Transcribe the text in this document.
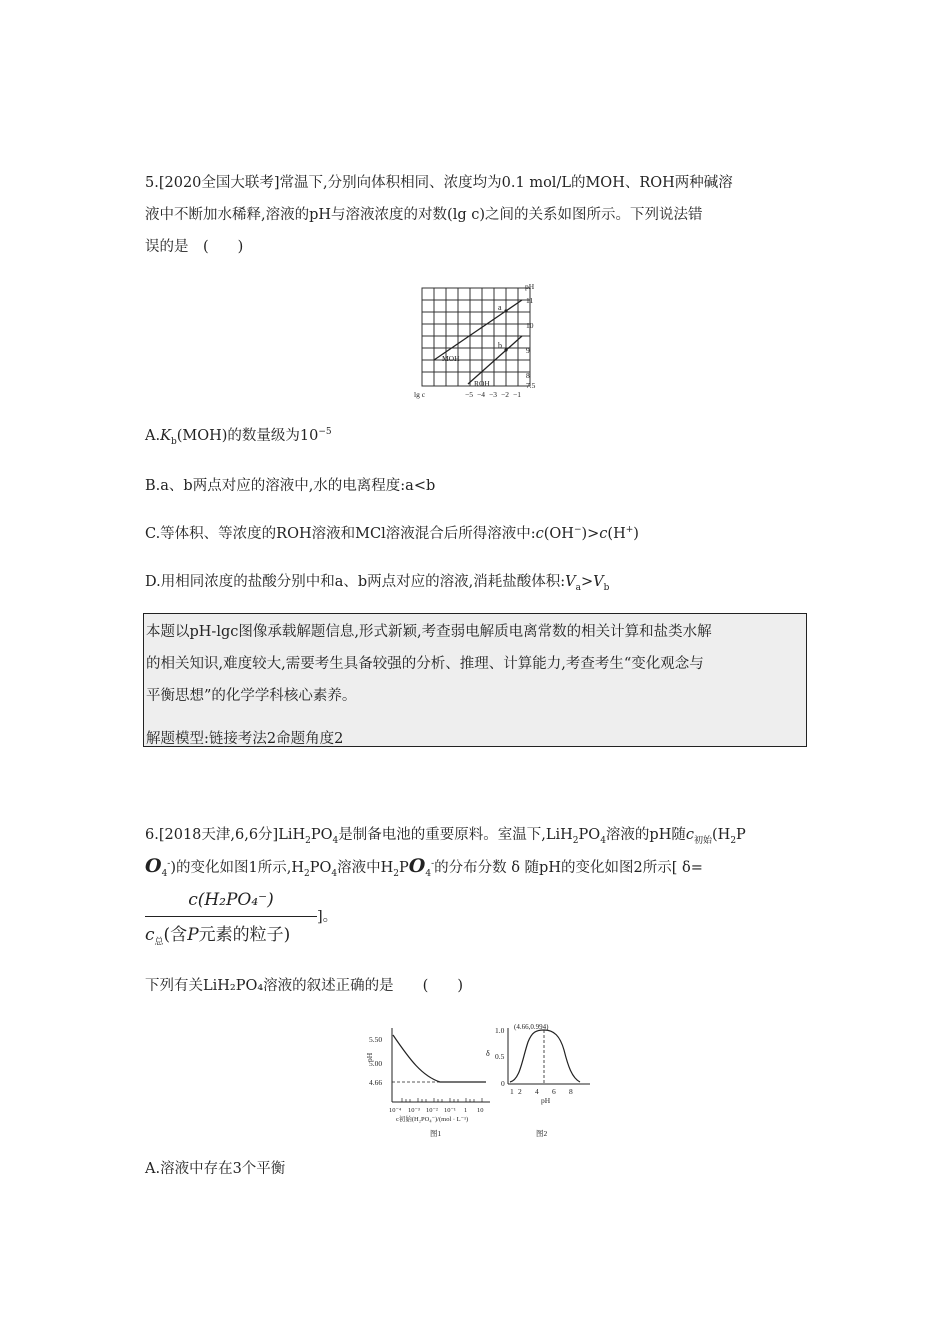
5.[2020全国大联考]常温下,分别向体积相同、浓度均为0.1 mol/L的MOH、ROH两种碱溶
液中不断加水稀释,溶液的pH与溶液浓度的对数(lg c)之间的关系如图所示。下列说法错
误的是　(　　)
a
b
MOH
ROH
pH
11
10
9
8
7.5
lg c	−5 −4 −3 −2 −1
$A.K_b(MOH)$的数量级为$10^{-5}$
B.a、b两点对应的溶液中,水的电离程度:a<b
C.等体积、等浓度的ROH溶液和MCl溶液混合后所得溶液中:c(OH−)>c(H+)
D.用相同浓度的盐酸分别中和a、b两点对应的溶液,消耗盐酸体积$:V_a>V_b$
本题以pH-lgc图像承载解题信息,形式新颖,考查弱电解质电离常数的相关计算和盐类水解
的相关知识,难度较大,需要考生具备较强的分析、推理、计算能力,考查考生“变化观念与
平衡思想”的化学学科核心素养。
解题模型:链接考法2命题角度2
6.[2018天津,6,6分]$LiH_2PO_4$是制备电池的重要原料。室温下$,LiH_2PO_4$溶液的pH随$c_{初始}(H_2P$
$O_4^-$)的变化如图1所示$,H_2PO_4$溶液中$H_2PO_4^-$的分布分数 δ 随pH的变化如图2所示[ δ=
c(H₂PO₄⁻)
$c_总$(含P元素的粒子)
]。
下列有关LiH₂PO₄溶液的叙述正确的是　　(　　)
pH
5.50
5.00
4.66
10⁻⁴ 10⁻³ 10⁻² 10⁻¹ 1 10
c初始(H₂PO₄⁻)/(mol · L⁻¹)
图1
(4.66,0.994)
δ
1.0
0.5
0
1 2 4 6 8
pH
图2
A.溶液中存在3个平衡
